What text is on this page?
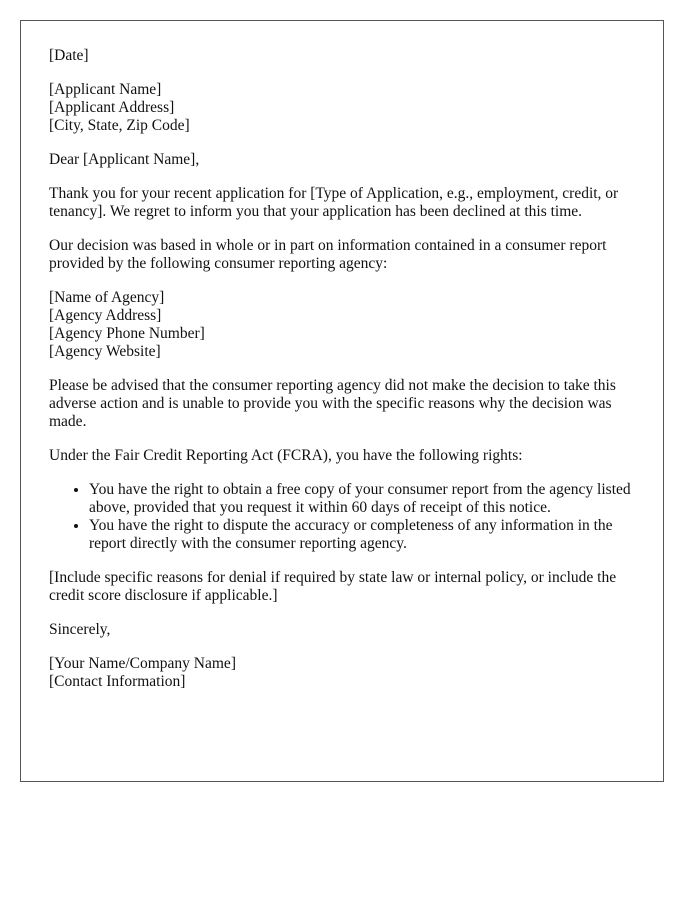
[Date]
[Applicant Name]
[Applicant Address]
[City, State, Zip Code]
Dear [Applicant Name],
Thank you for your recent application for [Type of Application, e.g., employment, credit, or tenancy]. We regret to inform you that your application has been declined at this time.
Our decision was based in whole or in part on information contained in a consumer report provided by the following consumer reporting agency:
[Name of Agency]
[Agency Address]
[Agency Phone Number]
[Agency Website]
Please be advised that the consumer reporting agency did not make the decision to take this adverse action and is unable to provide you with the specific reasons why the decision was made.
Under the Fair Credit Reporting Act (FCRA), you have the following rights:
• You have the right to obtain a free copy of your consumer report from the agency listed above, provided that you request it within 60 days of receipt of this notice.
• You have the right to dispute the accuracy or completeness of any information in the report directly with the consumer reporting agency.
[Include specific reasons for denial if required by state law or internal policy, or include the credit score disclosure if applicable.]
Sincerely,
[Your Name/Company Name]
[Contact Information]
